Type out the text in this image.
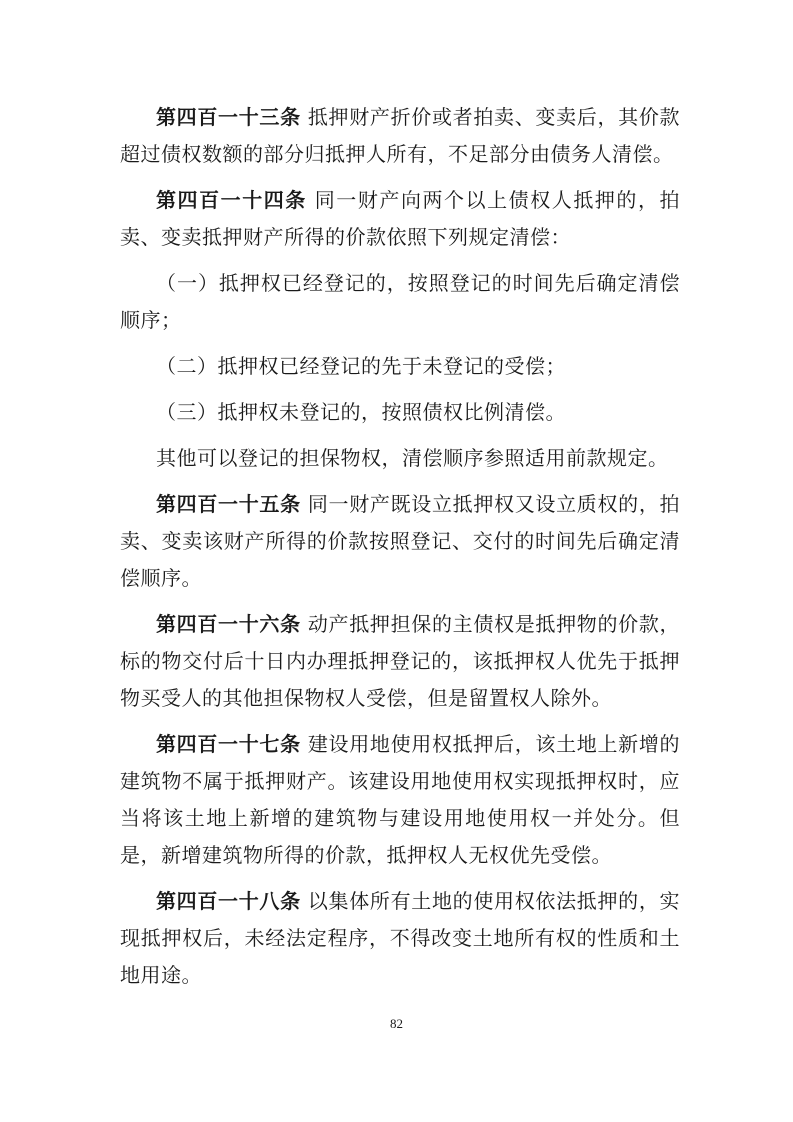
第四百一十三条 抵押财产折价或者拍卖、变卖后，其价款超过债权数额的部分归抵押人所有，不足部分由债务人清偿。

第四百一十四条 同一财产向两个以上债权人抵押的，拍卖、变卖抵押财产所得的价款依照下列规定清偿：

（一）抵押权已经登记的，按照登记的时间先后确定清偿顺序；

（二）抵押权已经登记的先于未登记的受偿；

（三）抵押权未登记的，按照债权比例清偿。

其他可以登记的担保物权，清偿顺序参照适用前款规定。

第四百一十五条 同一财产既设立抵押权又设立质权的，拍卖、变卖该财产所得的价款按照登记、交付的时间先后确定清偿顺序。

第四百一十六条 动产抵押担保的主债权是抵押物的价款，标的物交付后十日内办理抵押登记的，该抵押权人优先于抵押物买受人的其他担保物权人受偿，但是留置权人除外。

第四百一十七条 建设用地使用权抵押后，该土地上新增的建筑物不属于抵押财产。该建设用地使用权实现抵押权时，应当将该土地上新增的建筑物与建设用地使用权一并处分。但是，新增建筑物所得的价款，抵押权人无权优先受偿。

第四百一十八条 以集体所有土地的使用权依法抵押的，实现抵押权后，未经法定程序，不得改变土地所有权的性质和土地用途。

82
